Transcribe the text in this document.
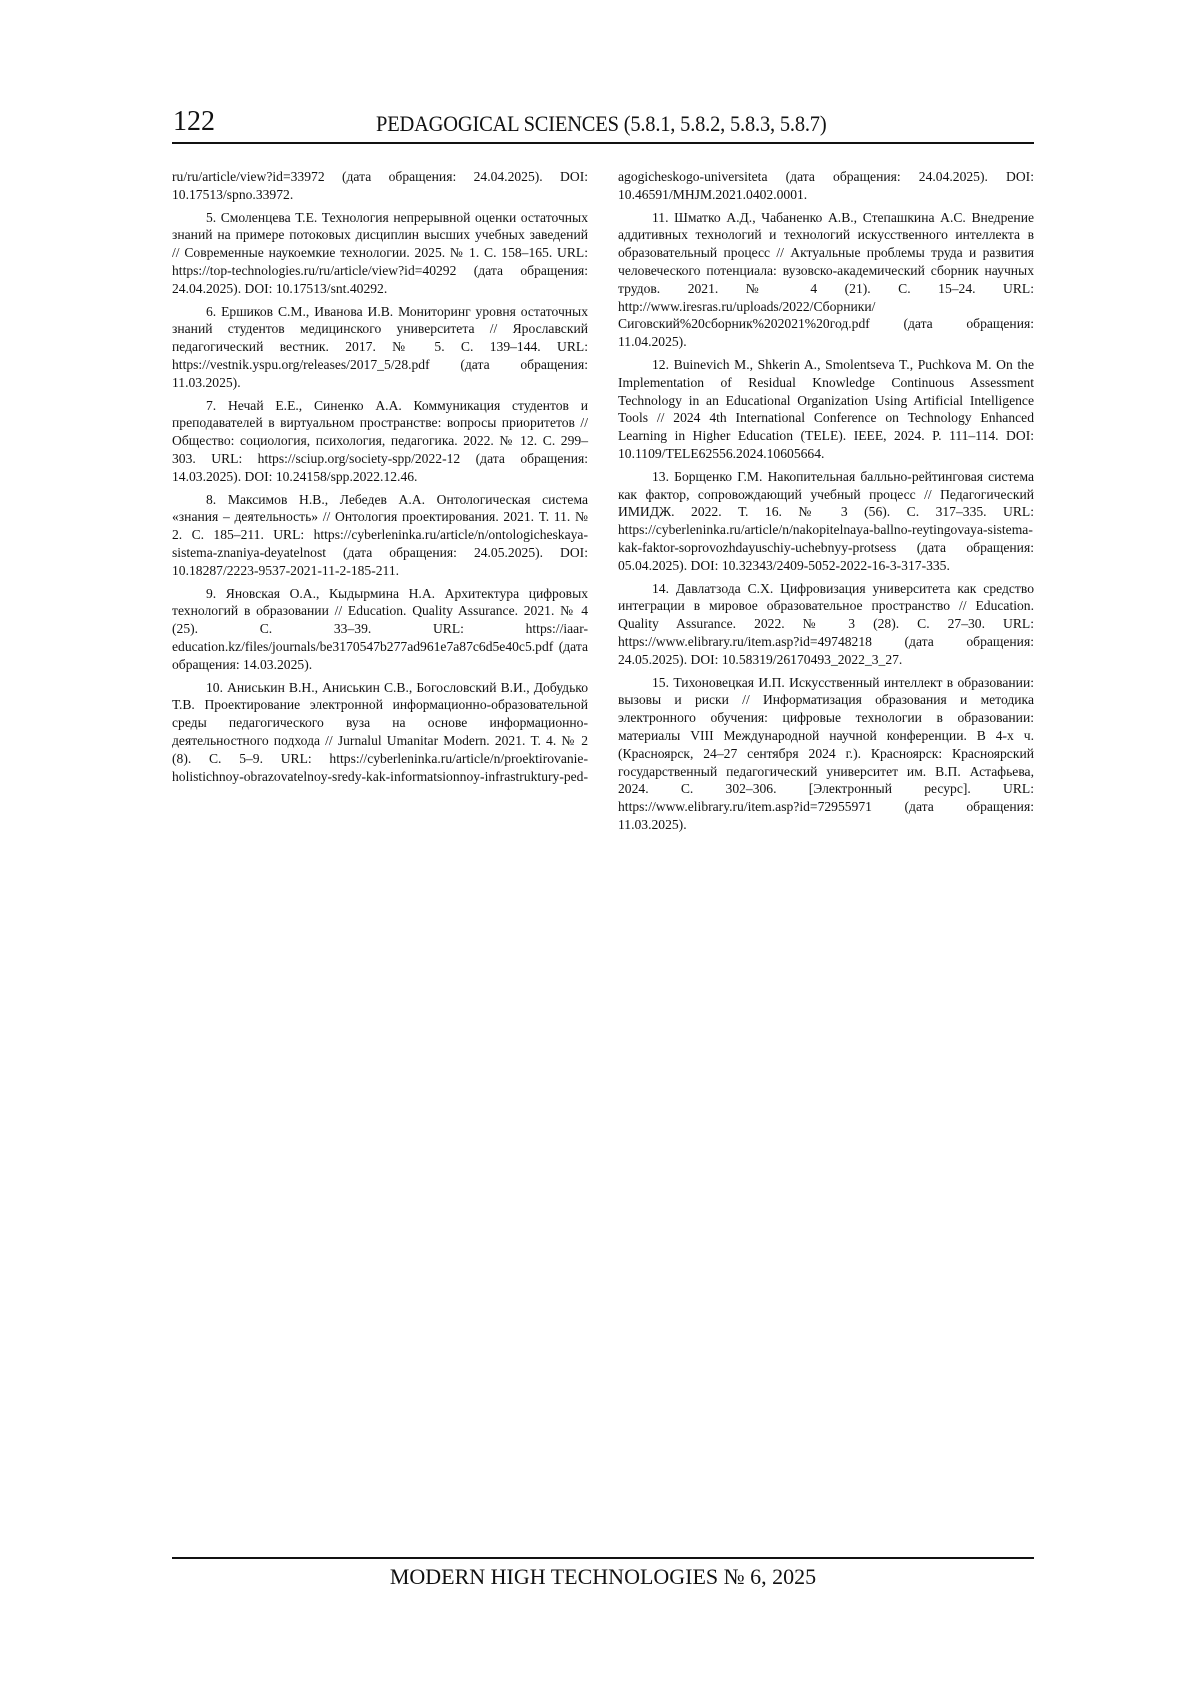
122	PEDAGOGICAL SCIENCES (5.8.1, 5.8.2, 5.8.3, 5.8.7)

ru/ru/article/view?id=33972 (дата обращения: 24.04.2025). DOI: 10.17513/spno.33972.

5. Смоленцева Т.Е. Технология непрерывной оценки остаточных знаний на примере потоковых дисциплин высших учебных заведений // Современные наукоемкие технологии. 2025. № 1. С. 158–165. URL: https://top-technologies.ru/ru/article/view?id=40292 (дата обращения: 24.04.2025). DOI: 10.17513/snt.40292.

6. Ершиков С.М., Иванова И.В. Мониторинг уровня остаточных знаний студентов медицинского университета // Ярославский педагогический вестник. 2017. № 5. С. 139–144. URL: https://vestnik.yspu.org/releases/2017_5/28.pdf (дата обращения: 11.03.2025).

7. Нечай Е.Е., Синенко А.А. Коммуникация студентов и преподавателей в виртуальном пространстве: вопросы приоритетов // Общество: социология, психология, педагогика. 2022. № 12. С. 299–303. URL: https://sciup.org/society-spp/2022-12 (дата обращения: 14.03.2025). DOI: 10.24158/spp.2022.12.46.

8. Максимов Н.В., Лебедев А.А. Онтологическая система «знания – деятельность» // Онтология проектирования. 2021. Т. 11. № 2. С. 185–211. URL: https://cyberleninka.ru/article/n/ontologicheskaya-sistema-znaniya-deyatelnost (дата обращения: 24.05.2025). DOI: 10.18287/2223-9537-2021-11-2-185-211.

9. Яновская О.А., Кыдырмина Н.А. Архитектура цифровых технологий в образовании // Education. Quality Assurance. 2021. № 4 (25). С. 33–39. URL: https://iaar-education.kz/files/journals/be3170547b277ad961e7a87c6d5e40c5.pdf (дата обращения: 14.03.2025).

10. Аниськин В.Н., Аниськин С.В., Богословский В.И., Добудько Т.В. Проектирование электронной информационно-образовательной среды педагогического вуза на основе информационно-деятельностного подхода // Jurnalul Umanitar Modern. 2021. Т. 4. № 2 (8). С. 5–9. URL: https://cyberleninka.ru/article/n/proektirovanie-holistichnoy-obrazovatelnoy-sredy-kak-informatsionnoy-infrastruktury-ped-

agogicheskogo-universiteta (дата обращения: 24.04.2025). DOI: 10.46591/MHJM.2021.0402.0001.

11. Шматко А.Д., Чабаненко А.В., Степашкина А.С. Внедрение аддитивных технологий и технологий искусственного интеллекта в образовательный процесс // Актуальные проблемы труда и развития человеческого потенциала: вузовско-академический сборник научных трудов. 2021. № 4 (21). С. 15–24. URL: http://www.iresras.ru/uploads/2022/Сборники/Сиговский%20сборник%202021%20год.pdf (дата обращения: 11.04.2025).

12. Buinevich M., Shkerin A., Smolentseva T., Puchkova M. On the Implementation of Residual Knowledge Continuous Assessment Technology in an Educational Organization Using Artificial Intelligence Tools // 2024 4th International Conference on Technology Enhanced Learning in Higher Education (TELE). IEEE, 2024. P. 111–114. DOI: 10.1109/TELE62556.2024.10605664.

13. Борщенко Г.М. Накопительная балльно-рейтинговая система как фактор, сопровождающий учебный процесс // Педагогический ИМИДЖ. 2022. Т. 16. № 3 (56). С. 317–335. URL: https://cyberleninka.ru/article/n/nakopitelnaya-ballno-reytingovaya-sistema-kak-faktor-soprovozhdayuschiy-uchebnyy-protsess (дата обращения: 05.04.2025). DOI: 10.32343/2409-5052-2022-16-3-317-335.

14. Давлатзода С.Х. Цифровизация университета как средство интеграции в мировое образовательное пространство // Education. Quality Assurance. 2022. № 3 (28). С. 27–30. URL: https://www.elibrary.ru/item.asp?id=49748218 (дата обращения: 24.05.2025). DOI: 10.58319/26170493_2022_3_27.

15. Тихоновецкая И.П. Искусственный интеллект в образовании: вызовы и риски // Информатизация образования и методика электронного обучения: цифровые технологии в образовании: материалы VIII Международной научной конференции. В 4-х ч. (Красноярск, 24–27 сентября 2024 г.). Красноярск: Красноярский государственный педагогический университет им. В.П. Астафьева, 2024. С. 302–306. [Электронный ресурс]. URL: https://www.elibrary.ru/item.asp?id=72955971 (дата обращения: 11.03.2025).

MODERN HIGH TECHNOLOGIES № 6, 2025
